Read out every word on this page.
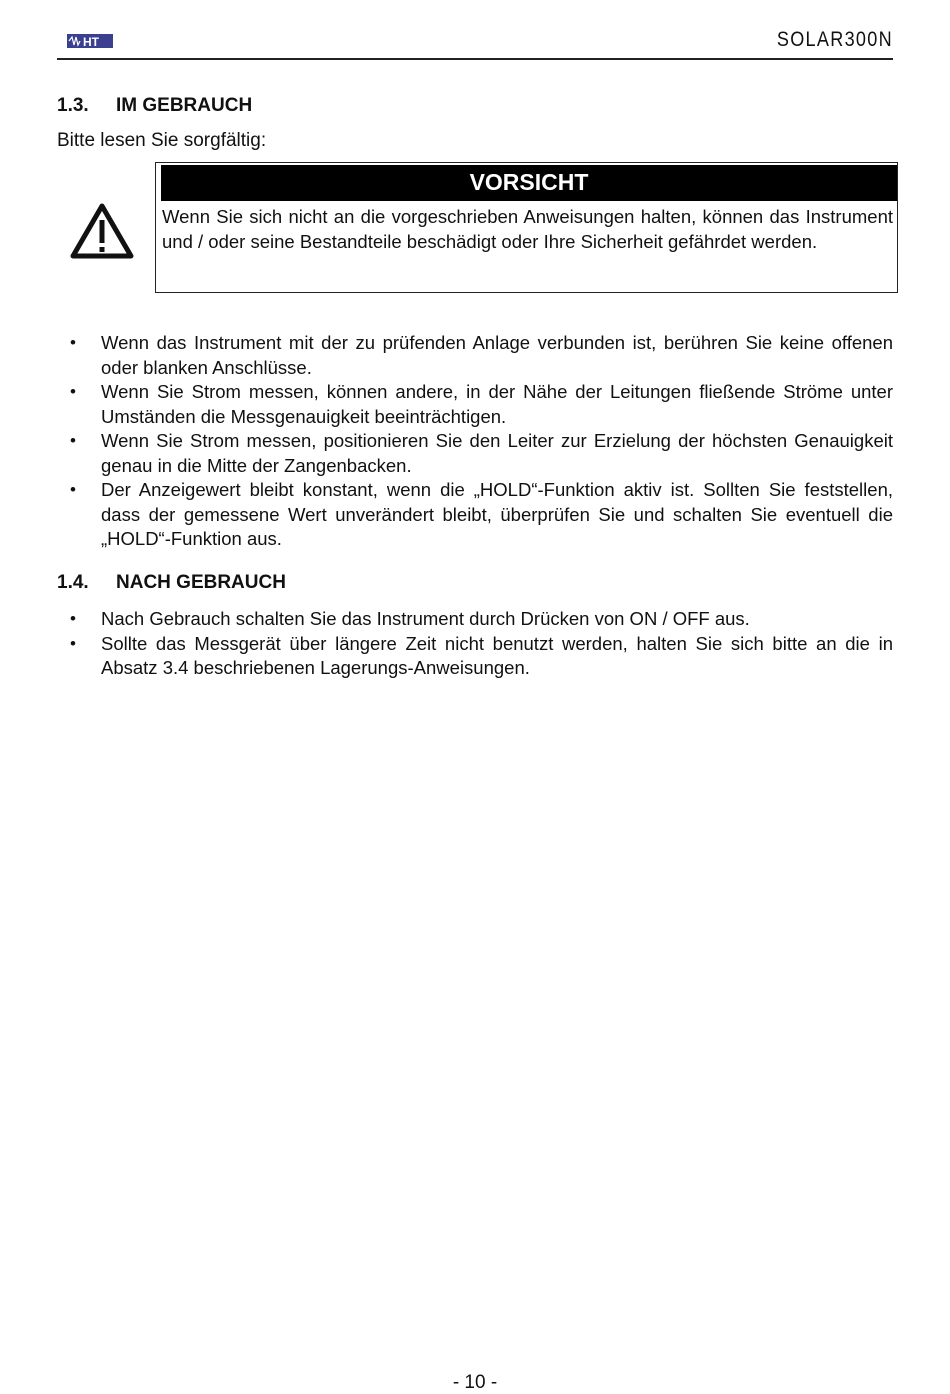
HT	SOLAR300N
1.3. IM GEBRAUCH
Bitte lesen Sie sorgfältig:
VORSICHT
Wenn Sie sich nicht an die vorgeschrieben Anweisungen halten, können das Instrument und / oder seine Bestandteile beschädigt oder Ihre Sicherheit gefährdet werden.
• Wenn das Instrument mit der zu prüfenden Anlage verbunden ist, berühren Sie keine offenen oder blanken Anschlüsse.
• Wenn Sie Strom messen, können andere, in der Nähe der Leitungen fließende Ströme unter Umständen die Messgenauigkeit beeinträchtigen.
• Wenn Sie Strom messen, positionieren Sie den Leiter zur Erzielung der höchsten Genauigkeit genau in die Mitte der Zangenbacken.
• Der Anzeigewert bleibt konstant, wenn die „HOLD“-Funktion aktiv ist. Sollten Sie feststellen, dass der gemessene Wert unverändert bleibt, überprüfen Sie und schalten Sie eventuell die „HOLD“-Funktion aus.
1.4. NACH GEBRAUCH
• Nach Gebrauch schalten Sie das Instrument durch Drücken von ON / OFF aus.
• Sollte das Messgerät über längere Zeit nicht benutzt werden, halten Sie sich bitte an die in Absatz 3.4 beschriebenen Lagerungs-Anweisungen.
- 10 -
